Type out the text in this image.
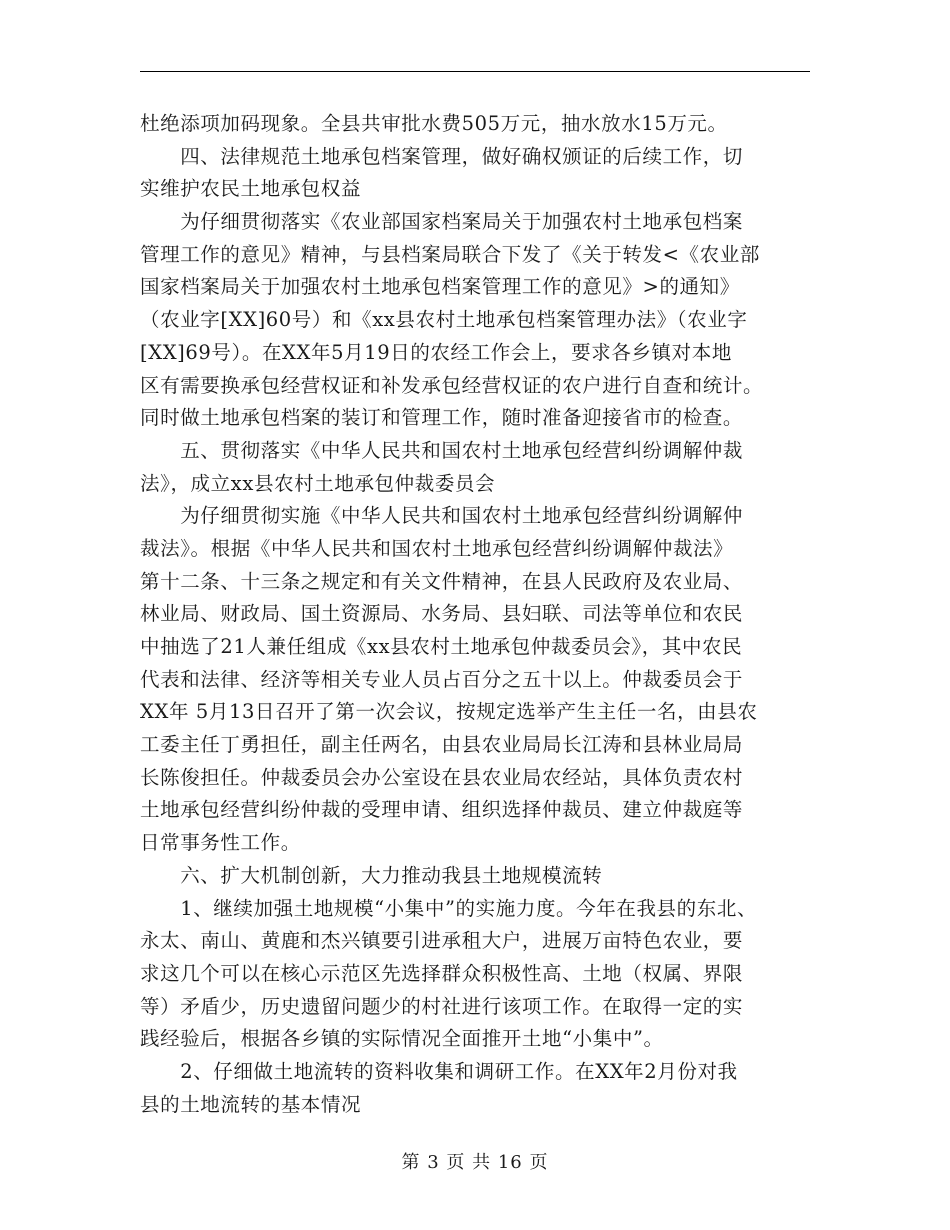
杜绝添项加码现象。全县共审批水费505万元，抽水放水15万元。
　　四、法律规范土地承包档案管理，做好确权颁证的后续工作，切
实维护农民土地承包权益
　　为仔细贯彻落实《农业部国家档案局关于加强农村土地承包档案
管理工作的意见》精神，与县档案局联合下发了《关于转发<《农业部
国家档案局关于加强农村土地承包档案管理工作的意见》>的通知》
（农业字[XX]60号）和《xx县农村土地承包档案管理办法》（农业字
[XX]69号）。在XX年5月19日的农经工作会上，要求各乡镇对本地
区有需要换承包经营权证和补发承包经营权证的农户进行自查和统计。
同时做土地承包档案的装订和管理工作，随时准备迎接省市的检查。
　　五、贯彻落实《中华人民共和国农村土地承包经营纠纷调解仲裁
法》，成立xx县农村土地承包仲裁委员会
　　为仔细贯彻实施《中华人民共和国农村土地承包经营纠纷调解仲
裁法》。根据《中华人民共和国农村土地承包经营纠纷调解仲裁法》
第十二条、十三条之规定和有关文件精神，在县人民政府及农业局、
林业局、财政局、国土资源局、水务局、县妇联、司法等单位和农民
中抽选了21人兼任组成《xx县农村土地承包仲裁委员会》，其中农民
代表和法律、经济等相关专业人员占百分之五十以上。仲裁委员会于
XX年 5月13日召开了第一次会议，按规定选举产生主任一名，由县农
工委主任丁勇担任，副主任两名，由县农业局局长江涛和县林业局局
长陈俊担任。仲裁委员会办公室设在县农业局农经站，具体负责农村
土地承包经营纠纷仲裁的受理申请、组织选择仲裁员、建立仲裁庭等
日常事务性工作。
　　六、扩大机制创新，大力推动我县土地规模流转
　　1、继续加强土地规模“小集中”的实施力度。今年在我县的东北、
永太、南山、黄鹿和杰兴镇要引进承租大户，进展万亩特色农业，要
求这几个可以在核心示范区先选择群众积极性高、土地（权属、界限
等）矛盾少，历史遗留问题少的村社进行该项工作。在取得一定的实
践经验后，根据各乡镇的实际情况全面推开土地“小集中”。
　　2、仔细做土地流转的资料收集和调研工作。在XX年2月份对我
县的土地流转的基本情况
第 3 页 共 16 页
